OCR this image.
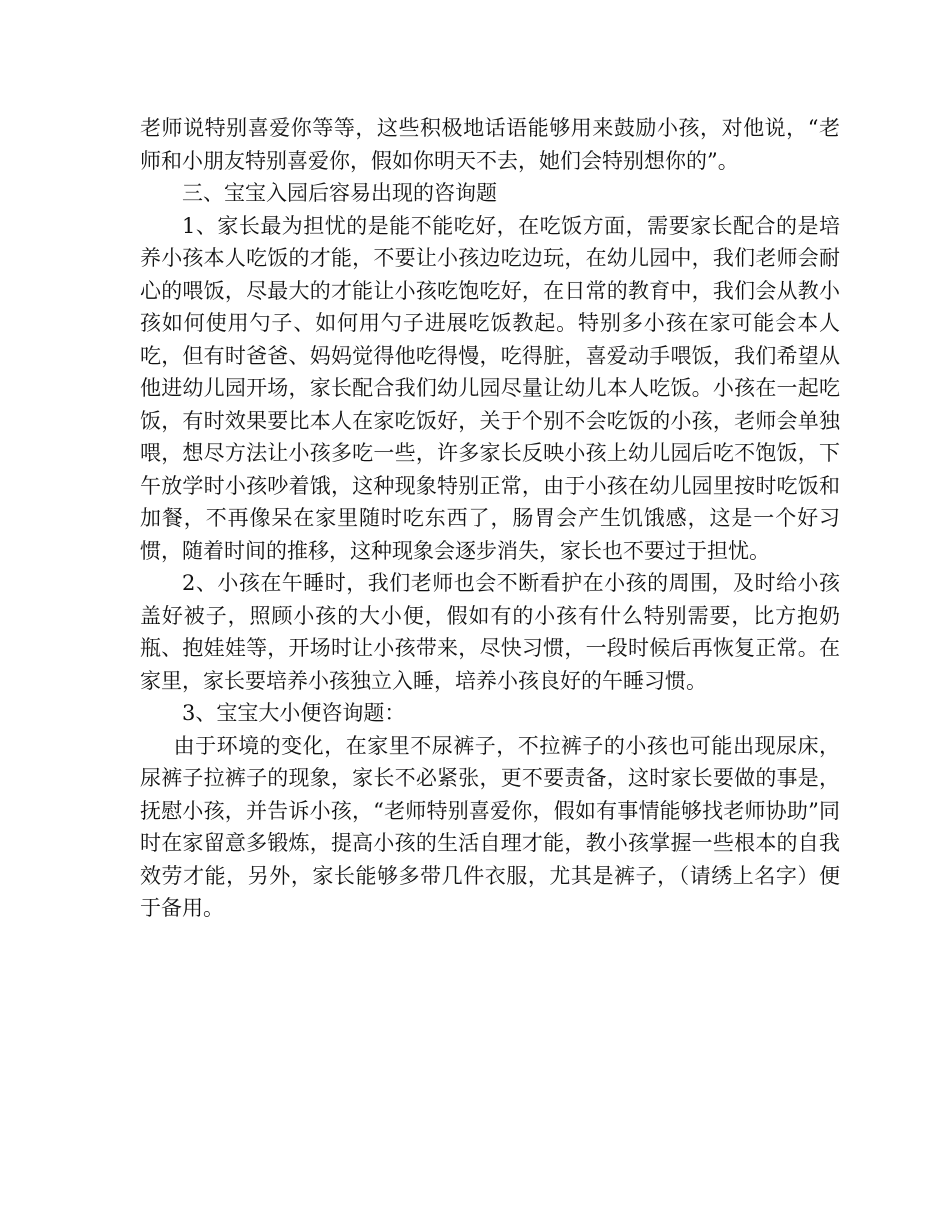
老师说特别喜爱你等等，这些积极地话语能够用来鼓励小孩，对他说，“老师和小朋友特别喜爱你，假如你明天不去，她们会特别想你的”。

三、宝宝入园后容易出现的咨询题

1、家长最为担忧的是能不能吃好，在吃饭方面，需要家长配合的是培养小孩本人吃饭的才能，不要让小孩边吃边玩，在幼儿园中，我们老师会耐心的喂饭，尽最大的才能让小孩吃饱吃好，在日常的教育中，我们会从教小孩如何使用勺子、如何用勺子进展吃饭教起。特别多小孩在家可能会本人吃，但有时爸爸、妈妈觉得他吃得慢，吃得脏，喜爱动手喂饭，我们希望从他进幼儿园开场，家长配合我们幼儿园尽量让幼儿本人吃饭。小孩在一起吃饭，有时效果要比本人在家吃饭好，关于个别不会吃饭的小孩，老师会单独喂，想尽方法让小孩多吃一些，许多家长反映小孩上幼儿园后吃不饱饭，下午放学时小孩吵着饿，这种现象特别正常，由于小孩在幼儿园里按时吃饭和加餐，不再像呆在家里随时吃东西了，肠胃会产生饥饿感，这是一个好习惯，随着时间的推移，这种现象会逐步消失，家长也不要过于担忧。

2、小孩在午睡时，我们老师也会不断看护在小孩的周围，及时给小孩盖好被子，照顾小孩的大小便，假如有的小孩有什么特别需要，比方抱奶瓶、抱娃娃等，开场时让小孩带来，尽快习惯，一段时候后再恢复正常。在家里，家长要培养小孩独立入睡，培养小孩良好的午睡习惯。

3、宝宝大小便咨询题：

由于环境的变化，在家里不尿裤子，不拉裤子的小孩也可能出现尿床，尿裤子拉裤子的现象，家长不必紧张，更不要责备，这时家长要做的事是，抚慰小孩，并告诉小孩，“老师特别喜爱你，假如有事情能够找老师协助”同时在家留意多锻炼，提高小孩的生活自理才能，教小孩掌握一些根本的自我效劳才能，另外，家长能够多带几件衣服，尤其是裤子，（请绣上名字）便于备用。
